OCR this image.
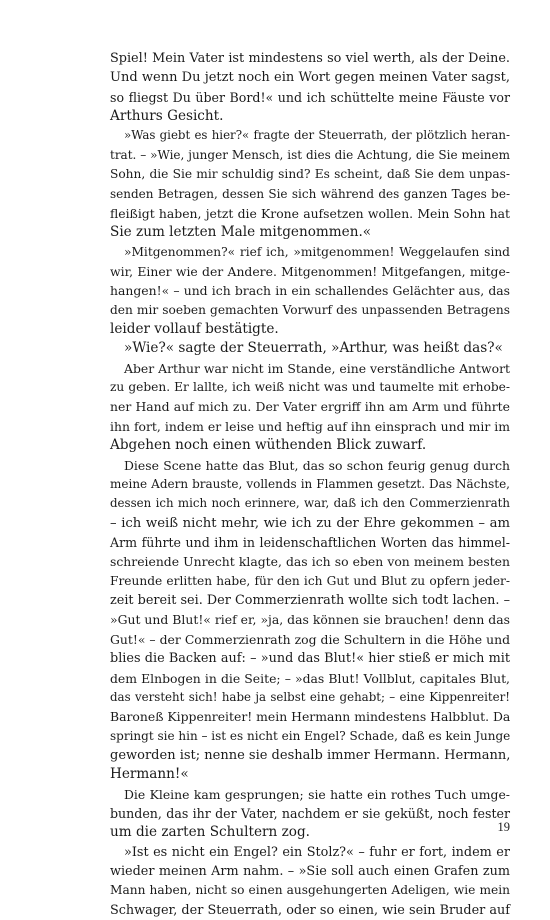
Spiel! Mein Vater ist mindestens so viel werth, als der Deine.
Und wenn Du jetzt noch ein Wort gegen meinen Vater sagst,
so fliegst Du über Bord!« und ich schüttelte meine Fäuste vor
Arthurs Gesicht.
»Was giebt es hier?« fragte der Steuerrath, der plötzlich heran-
trat. – »Wie, junger Mensch, ist dies die Achtung, die Sie meinem
Sohn, die Sie mir schuldig sind? Es scheint, daß Sie dem unpas-
senden Betragen, dessen Sie sich während des ganzen Tages be-
fleißigt haben, jetzt die Krone aufsetzen wollen. Mein Sohn hat
Sie zum letzten Male mitgenommen.«
»Mitgenommen?« rief ich, »mitgenommen! Weggelaufen sind
wir, Einer wie der Andere. Mitgenommen! Mitgefangen, mitge-
hangen!« – und ich brach in ein schallendes Gelächter aus, das
den mir soeben gemachten Vorwurf des unpassenden Betragens
leider vollauf bestätigte.
»Wie?« sagte der Steuerrath, »Arthur, was heißt das?«
Aber Arthur war nicht im Stande, eine verständliche Antwort
zu geben. Er lallte, ich weiß nicht was und taumelte mit erhobe-
ner Hand auf mich zu. Der Vater ergriff ihn am Arm und führte
ihn fort, indem er leise und heftig auf ihn einsprach und mir im
Abgehen noch einen wüthenden Blick zuwarf.
Diese Scene hatte das Blut, das so schon feurig genug durch
meine Adern brauste, vollends in Flammen gesetzt. Das Nächste,
dessen ich mich noch erinnere, war, daß ich den Commerzienrath
– ich weiß nicht mehr, wie ich zu der Ehre gekommen – am
Arm führte und ihm in leidenschaftlichen Worten das himmel-
schreiende Unrecht klagte, das ich so eben von meinem besten
Freunde erlitten habe, für den ich Gut und Blut zu opfern jeder-
zeit bereit sei. Der Commerzienrath wollte sich todt lachen. –
»Gut und Blut!« rief er, »ja, das können sie brauchen! denn das
Gut!« – der Commerzienrath zog die Schultern in die Höhe und
blies die Backen auf: – »und das Blut!« hier stieß er mich mit
dem Elnbogen in die Seite; – »das Blut! Vollblut, capitales Blut,
das versteht sich! habe ja selbst eine gehabt; – eine Kippenreiter!
Baroneß Kippenreiter! mein Hermann mindestens Halbblut. Da
springt sie hin – ist es nicht ein Engel? Schade, daß es kein Junge
geworden ist; nenne sie deshalb immer Hermann. Hermann,
Hermann!«
Die Kleine kam gesprungen; sie hatte ein rothes Tuch umge-
bunden, das ihr der Vater, nachdem er sie geküßt, noch fester
um die zarten Schultern zog.
»Ist es nicht ein Engel? ein Stolz?« – fuhr er fort, indem er
wieder meinen Arm nahm. – »Sie soll auch einen Grafen zum
Mann haben, nicht so einen ausgehungerten Adeligen, wie mein
Schwager, der Steuerrath, oder so einen, wie sein Bruder auf
19
